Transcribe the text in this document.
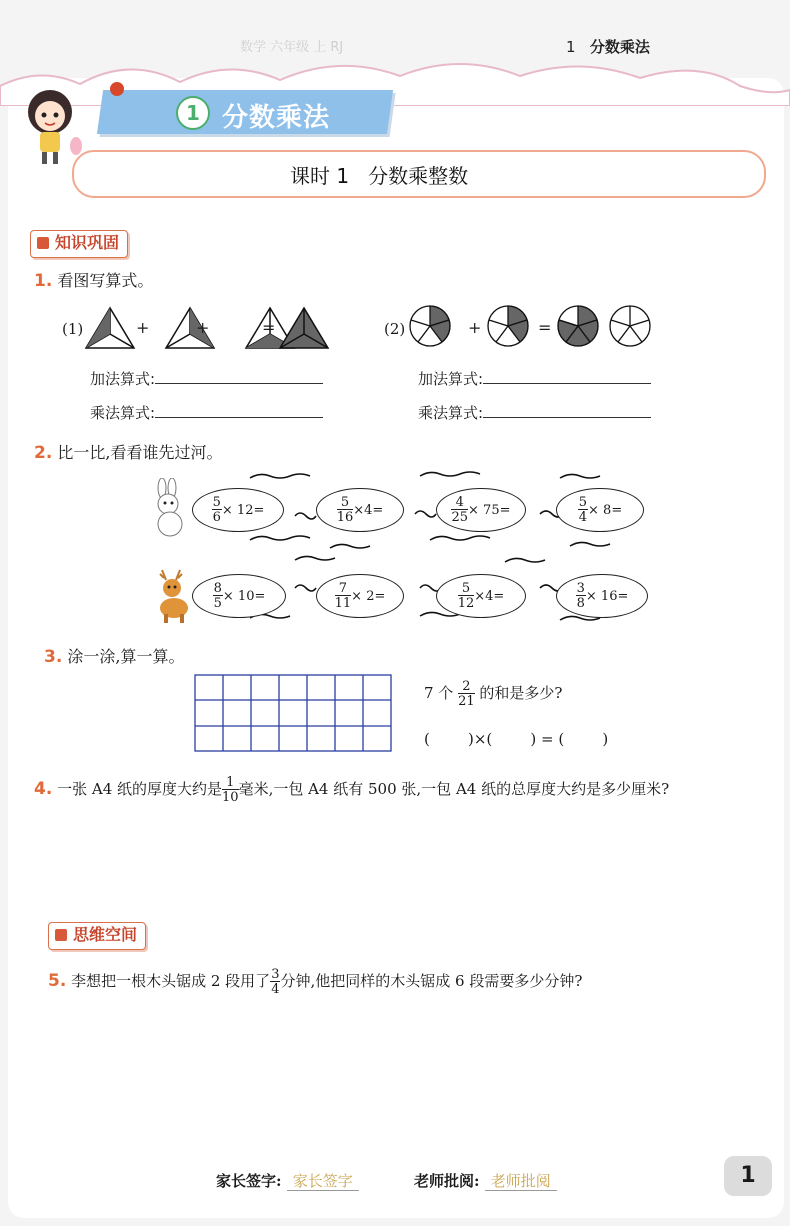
数学 六年级 上 RJ	1 分数乘法
1 分数乘法
课时 1 分数乘整数
知识巩固
1. 看图写算式。
(1)	+	+	=	(2)	+	=
加法算式:
乘法算式:
加法算式:
乘法算式:
2. 比一比,看看谁先过河。
$\frac{5}{6} \times 12=$	$\frac{5}{16} \times 4=$	$\frac{4}{25} \times 75=$	$\frac{5}{4} \times 8=$
$\frac{8}{5} \times 10=$	$\frac{7}{11} \times 2=$	$\frac{5}{12} \times 4=$	$\frac{3}{8} \times 16=$
3. 涂一涂,算一算。
7 个 $\frac{2}{21}$ 的和是多少?
(        )×(        ) = (        )
4. 一张 A4 纸的厚度大约是 $\frac{1}{10}$ 毫米,一包 A4 纸有 500 张,一包 A4 纸的总厚度大约是多少厘米?
思维空间
5. 李想把一根木头锯成 2 段用了 $\frac{3}{4}$ 分钟,他把同样的木头锯成 6 段需要多少分钟?
家长签字: 家长签字	老师批阅: 老师批阅	1
